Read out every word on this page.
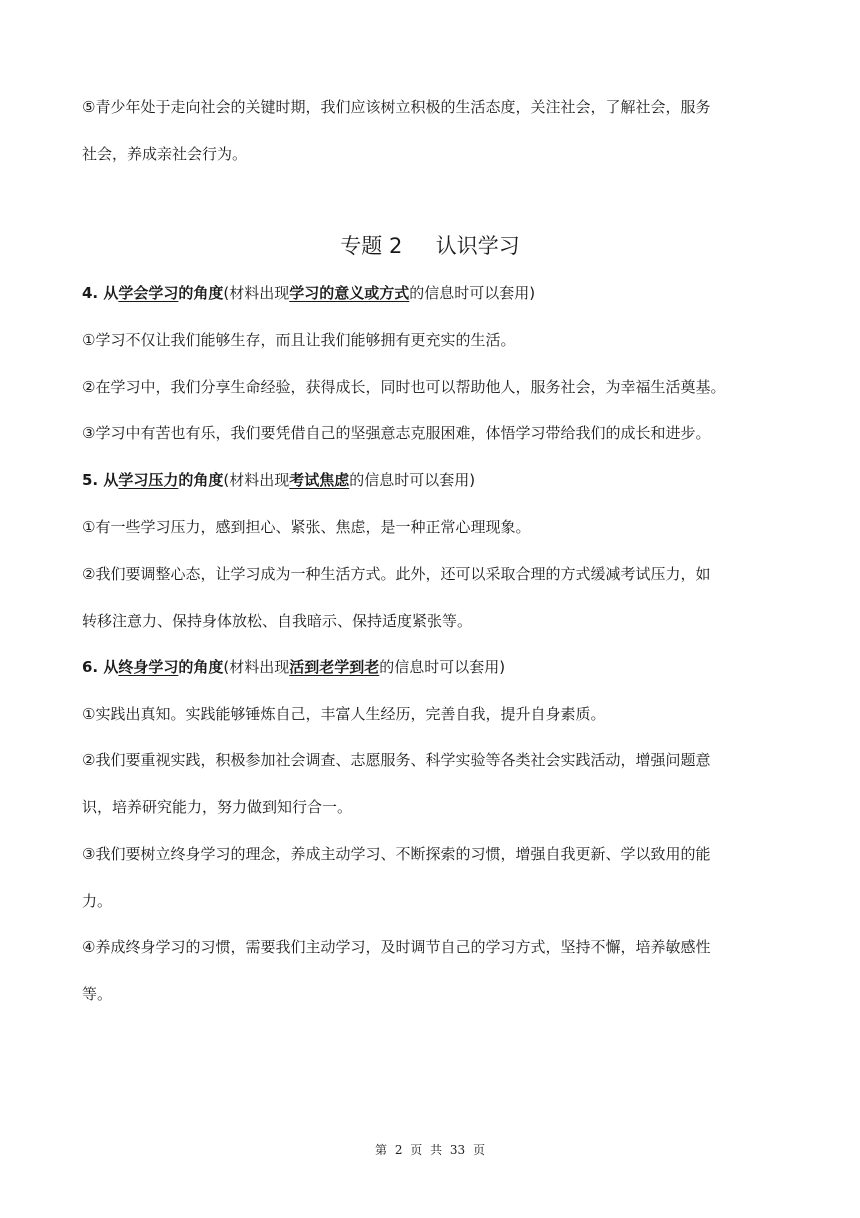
⑤青少年处于走向社会的关键时期，我们应该树立积极的生活态度，关注社会，了解社会，服务
社会，养成亲社会行为。
专题 2     认识学习
4. 从学会学习的角度(材料出现学习的意义或方式的信息时可以套用)
①学习不仅让我们能够生存，而且让我们能够拥有更充实的生活。
②在学习中，我们分享生命经验，获得成长，同时也可以帮助他人，服务社会，为幸福生活奠基。
③学习中有苦也有乐，我们要凭借自己的坚强意志克服困难，体悟学习带给我们的成长和进步。
5. 从学习压力的角度(材料出现考试焦虑的信息时可以套用)
①有一些学习压力，感到担心、紧张、焦虑，是一种正常心理现象。
②我们要调整心态，让学习成为一种生活方式。此外，还可以采取合理的方式缓减考试压力，如
转移注意力、保持身体放松、自我暗示、保持适度紧张等。
6. 从终身学习的角度(材料出现活到老学到老的信息时可以套用)
①实践出真知。实践能够锤炼自己，丰富人生经历，完善自我，提升自身素质。
②我们要重视实践，积极参加社会调查、志愿服务、科学实验等各类社会实践活动，增强问题意
识，培养研究能力，努力做到知行合一。
③我们要树立终身学习的理念，养成主动学习、不断探索的习惯，增强自我更新、学以致用的能
力。
④养成终身学习的习惯，需要我们主动学习，及时调节自己的学习方式，坚持不懈，培养敏感性
等。
第 2 页 共 33 页
